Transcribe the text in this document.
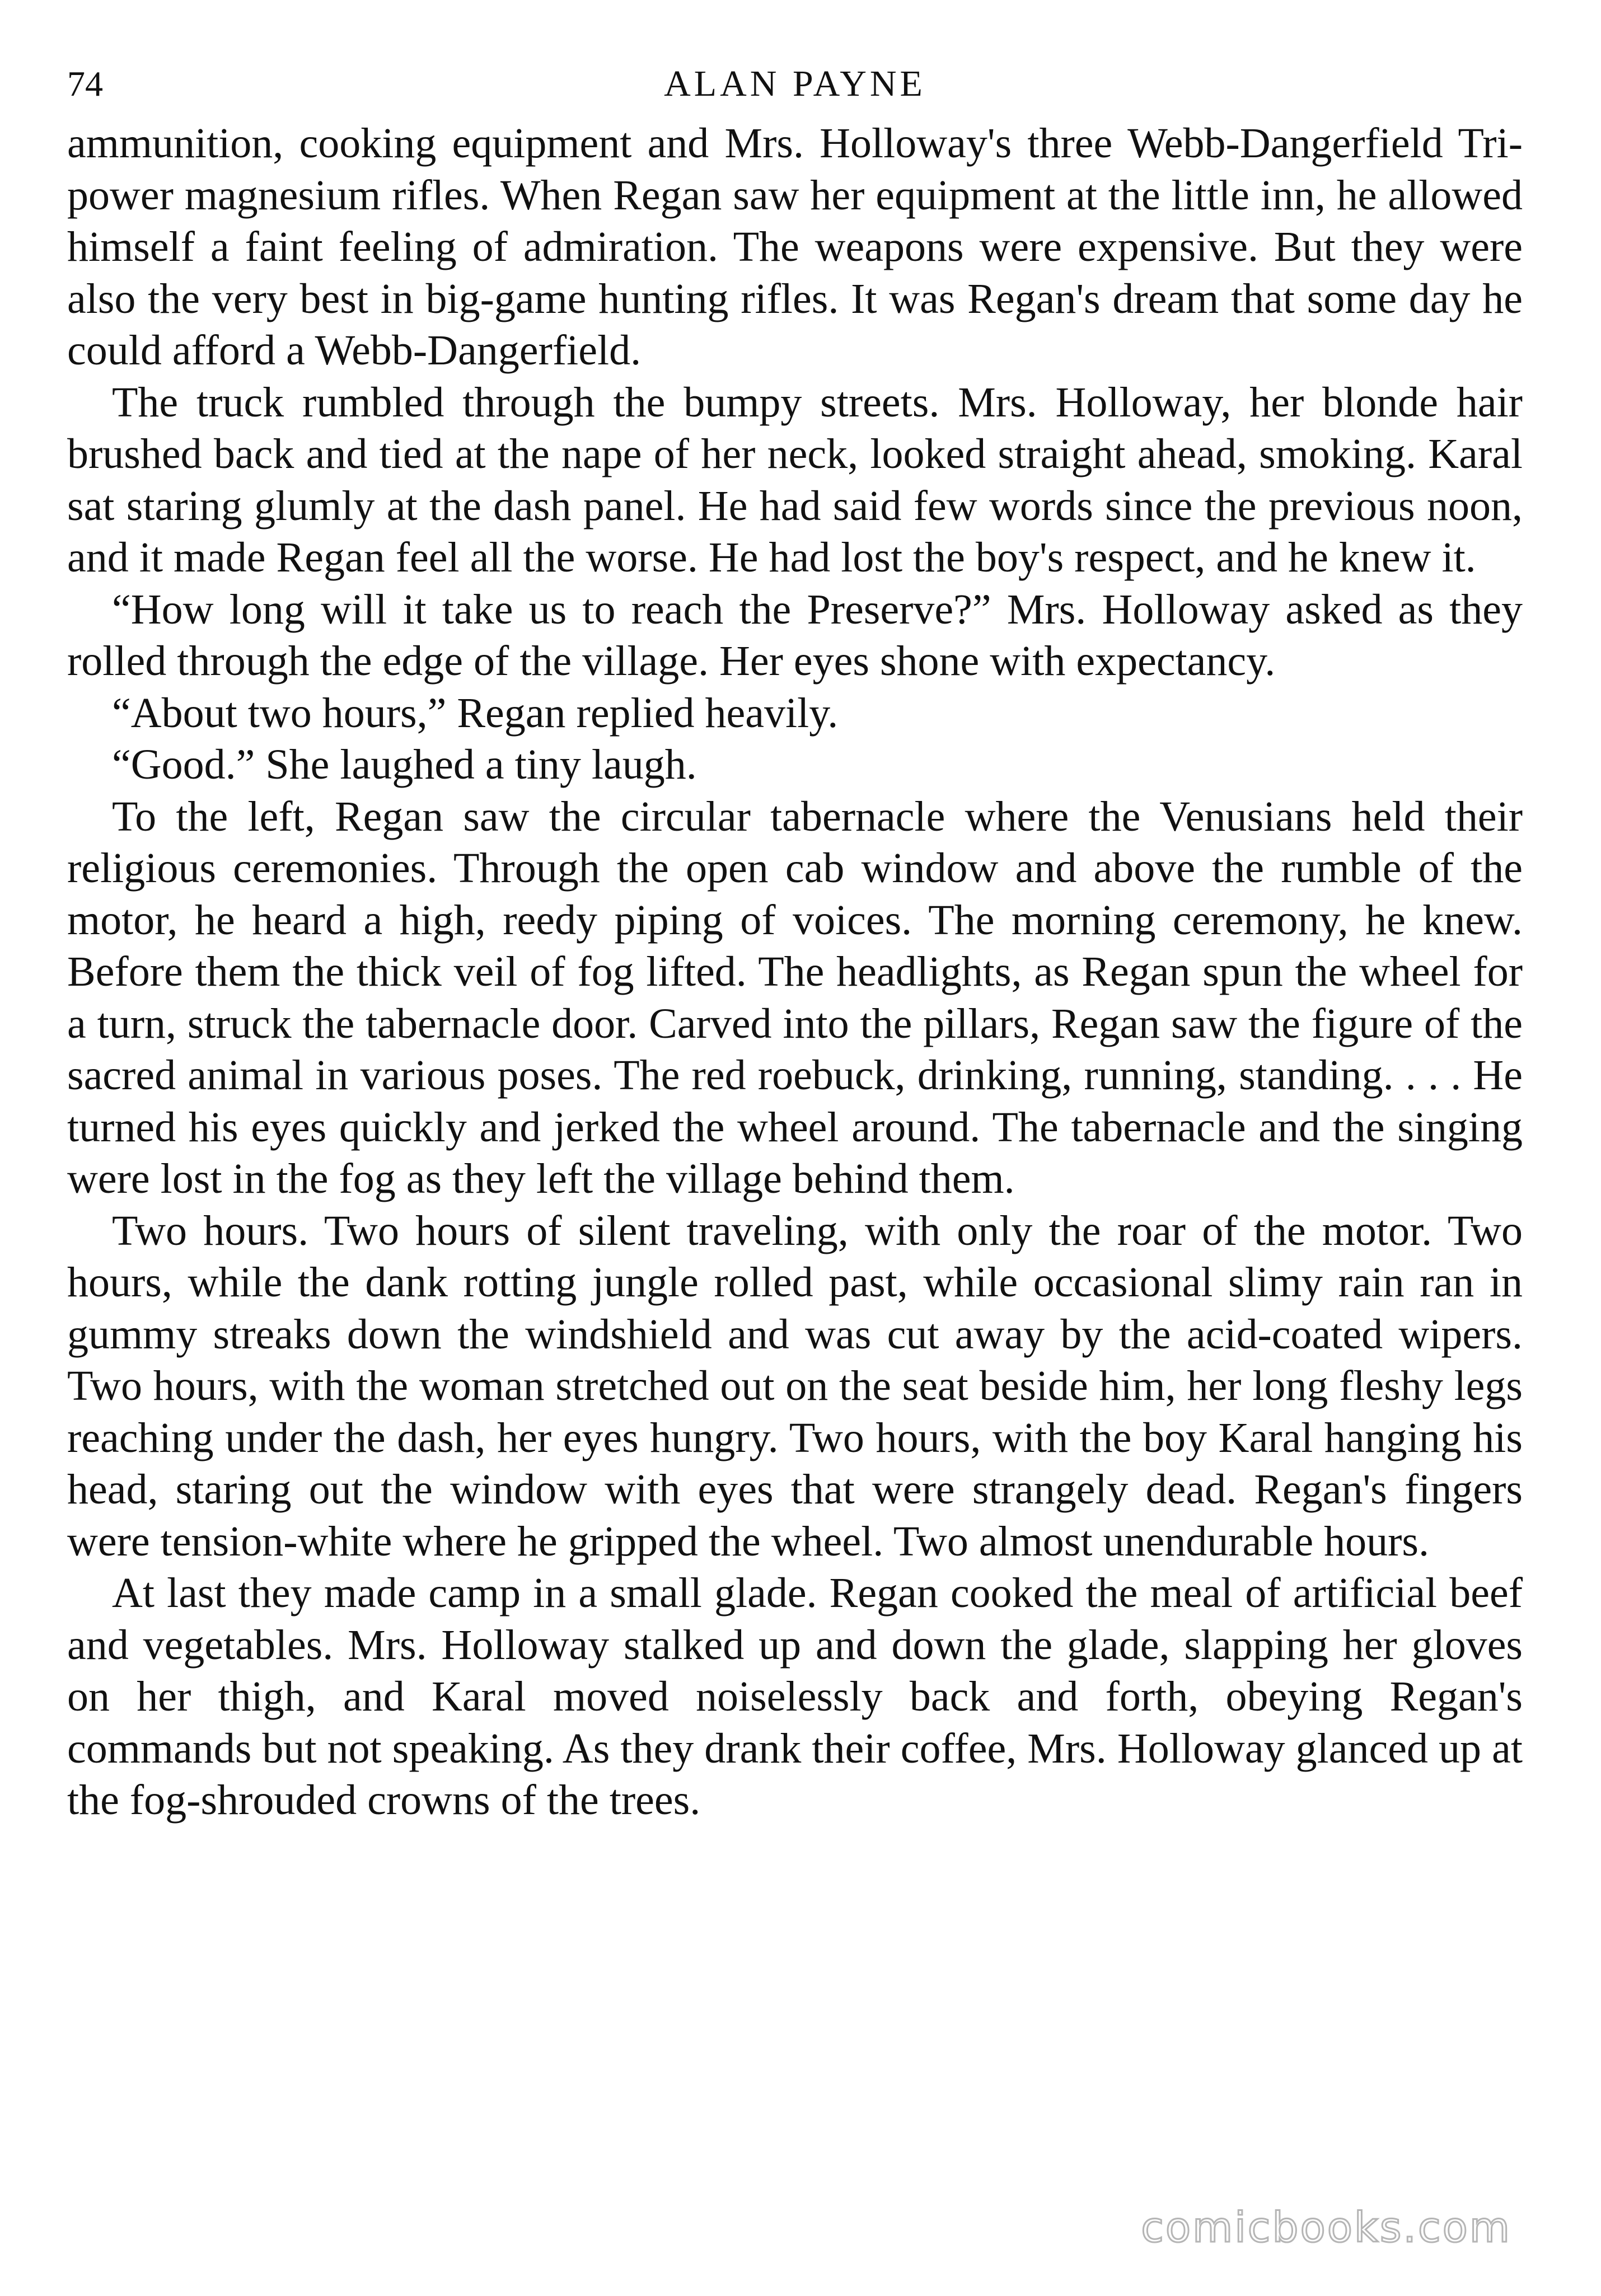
74	ALAN PAYNE

ammunition, cooking equipment and Mrs. Holloway's three Webb-Dangerfield Tri-power magnesium rifles. When Regan saw her equipment at the little inn, he allowed himself a faint feeling of admiration. The weapons were expensive. But they were also the very best in big-game hunting rifles. It was Regan's dream that some day he could afford a Webb-Dangerfield.

The truck rumbled through the bumpy streets. Mrs. Holloway, her blonde hair brushed back and tied at the nape of her neck, looked straight ahead, smoking. Karal sat staring glumly at the dash panel. He had said few words since the previous noon, and it made Regan feel all the worse. He had lost the boy's respect, and he knew it.

“How long will it take us to reach the Preserve?” Mrs. Holloway asked as they rolled through the edge of the village. Her eyes shone with expectancy.

“About two hours,” Regan replied heavily.

“Good.” She laughed a tiny laugh.

To the left, Regan saw the circular tabernacle where the Venusians held their religious ceremonies. Through the open cab window and above the rumble of the motor, he heard a high, reedy piping of voices. The morning ceremony, he knew. Before them the thick veil of fog lifted. The headlights, as Regan spun the wheel for a turn, struck the tabernacle door. Carved into the pillars, Regan saw the figure of the sacred animal in various poses. The red roebuck, drinking, running, standing. . . . He turned his eyes quickly and jerked the wheel around. The tabernacle and the singing were lost in the fog as they left the village behind them.

Two hours. Two hours of silent traveling, with only the roar of the motor. Two hours, while the dank rotting jungle rolled past, while occasional slimy rain ran in gummy streaks down the windshield and was cut away by the acid-coated wipers. Two hours, with the woman stretched out on the seat beside him, her long fleshy legs reaching under the dash, her eyes hungry. Two hours, with the boy Karal hanging his head, staring out the window with eyes that were strangely dead. Regan's fingers were tension-white where he gripped the wheel. Two almost unendurable hours.

At last they made camp in a small glade. Regan cooked the meal of artificial beef and vegetables. Mrs. Holloway stalked up and down the glade, slapping her gloves on her thigh, and Karal moved noiselessly back and forth, obeying Regan's commands but not speaking. As they drank their coffee, Mrs. Holloway glanced up at the fog-shrouded crowns of the trees.

comicbooks.com
